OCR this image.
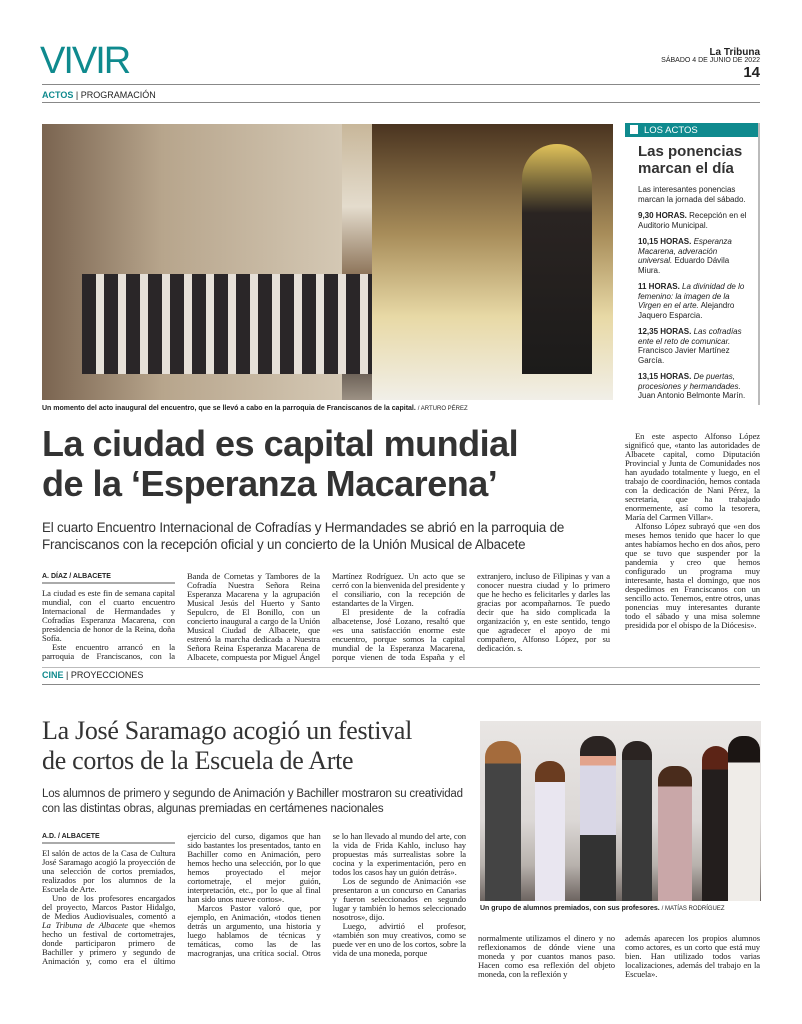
VIVIR	La Tribuna
SÁBADO 4 DE JUNIO DE 2022
14
ACTOS | PROGRAMACIÓN
Un momento del acto inaugural del encuentro, que se llevó a cabo en la parroquia de Franciscanos de la capital. / ARTURO PÉREZ
LOS ACTOS
Las ponencias marcan el día

Las interesantes ponencias marcan la jornada del sábado.

9,30 HORAS. Recepción en el Auditorio Municipal.

10,15 HORAS. Esperanza Macarena, adveración universal. Eduardo Dávila Miura.

11 HORAS. La divinidad de lo femenino: la imagen de la Virgen en el arte. Alejandro Jaquero Esparcia.

12,35 HORAS. Las cofradías ente el reto de comunicar. Francisco Javier Martínez García.

13,15 HORAS. De puertas, procesiones y hermandades. Juan Antonio Belmonte Marín.

La ciudad es capital mundial
de la ‘Esperanza Macarena’
El cuarto Encuentro Internacional de Cofradías y Hermandades se abrió en la parroquia de Franciscanos con la recepción oficial y un concierto de la Unión Musical de Albacete
A. DÍAZ / ALBACETE

La ciudad es este fin de semana capital mundial, con el cuarto encuentro Internacional de Hermandades y Cofradías Esperanza Macarena, con presidencia de honor de la Reina, doña Sofía.

Este encuentro arrancó en la parroquia de Franciscanos, con la Banda de Cornetas y Tambores de la Cofradía Nuestra Señora Reina Esperanza Macarena y la agrupación Musical Jesús del Huerto y Santo Sepulcro, de El Bonillo, con un concierto inaugural a cargo de la Unión Musical Ciudad de Albacete, que estrenó la marcha dedicada a Nuestra Señora Reina Esperanza Macarena de Albacete, compuesta por Miguel Ángel Martínez Rodríguez. Un acto que se cerró con la bienvenida del presidente y el consiliario, con la recepción de estandartes de la Virgen.

El presidente de la cofradía albacetense, José Lozano, resaltó que «es una satisfacción enorme este encuentro, porque somos la capital mundial de la Esperanza Macarena, porque vienen de toda España y el extranjero, incluso de Filipinas y van a conocer nuestra ciudad y lo primero que he hecho es felicitarles y darles las gracias por acompañarnos. Te puedo decir que ha sido complicada la organización y, en este sentido, tengo que agradecer el apoyo de mi compañero, Alfonso López, por su dedicación. s.

En este aspecto Alfonso López significó que, «tanto las autoridades de Albacete capital, como Diputación Provincial y Junta de Comunidades nos han ayudado totalmente y luego, en el trabajo de coordinación, hemos contada con la dedicación de Nani Pérez, la secretaria, que ha trabajado enormemente, así como la tesorera, María del Carmen Villar».

Alfonso López subrayó que «en dos meses hemos tenido que hacer lo que antes habíamos hecho en dos años, pero que se tuvo que suspender por la pandemia y creo que hemos configurado un programa muy interesante, hasta el domingo, que nos despedimos en Franciscanos con un sencillo acto. Tenemos, entre otros, unas ponencias muy interesantes durante todo el sábado y una misa solemne presidida por el obispo de la Diócesis».

CINE | PROYECCIONES
La José Saramago acogió un festival
de cortos de la Escuela de Arte
Los alumnos de primero y segundo de Animación y Bachiller mostraron su creatividad con las distintas obras, algunas premiadas en certámenes nacionales
Un grupo de alumnos premiados, con sus profesores. / MATÍAS RODRÍGUEZ
A.D. / ALBACETE

El salón de actos de la Casa de Cultura José Saramago acogió la proyección de una selección de cortos premiados, realizados por los alumnos de la Escuela de Arte.

Uno de los profesores encargados del proyecto, Marcos Pastor Hidalgo, de Medios Audiovisuales, comentó a La Tribuna de Albacete que «hemos hecho un festival de cortometrajes, donde participaron primero de Bachiller y primero y segundo de Animación y, como era el último ejercicio del curso, digamos que han sido bastantes los presentados, tanto en Bachiller como en Animación, pero hemos hecho una selección, por lo que hemos proyectado el mejor cortometraje, el mejor guión, interpretación, etc., por lo que al final han sido unos nueve cortos».

Marcos Pastor valoró que, por ejemplo, en Animación, «todos tienen detrás un argumento, una historia y luego hablamos de técnicas y temáticas, como las de las macrogranjas, una crítica social. Otros se lo han llevado al mundo del arte, con la vida de Frida Kahlo, incluso hay propuestas más surrealistas sobre la cocina y la experimentación, pero en todos los casos hay un guión detrás».

Los de segundo de Animación «se presentaron a un concurso en Canarias y fueron seleccionados en segundo lugar y también lo hemos seleccionado nosotros», dijo.

Luego, advirtió el profesor, «también son muy creativos, como se puede ver en uno de los cortos, sobre la vida de una moneda, porque

normalmente utilizamos el dinero y no reflexionamos de dónde viene una moneda y por cuantos manos paso. Hacen como esa reflexión del objeto moneda, con la reflexión y

además aparecen los propios alumnos como actores, es un corto que está muy bien. Han utilizado todos varias localizaciones, además del trabajo en la Escuela».
